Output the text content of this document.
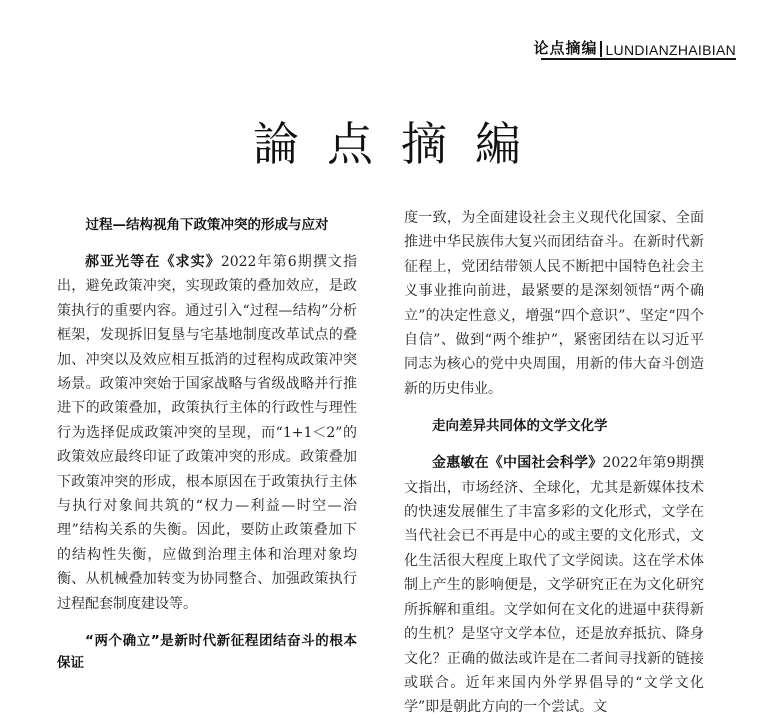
论点摘编 LUNDIANZHAIBIAN
論点摘編
过程—结构视角下政策冲突的形成与应对

郝亚光等在《求实》2022年第6期撰文指出，避免政策冲突，实现政策的叠加效应，是政策执行的重要内容。通过引入“过程—结构”分析框架，发现拆旧复垦与宅基地制度改革试点的叠加、冲突以及效应相互抵消的过程构成政策冲突场景。政策冲突始于国家战略与省级战略并行推进下的政策叠加，政策执行主体的行政性与理性行为选择促成政策冲突的呈现，而“1+1＜2”的政策效应最终印证了政策冲突的形成。政策叠加下政策冲突的形成，根本原因在于政策执行主体与执行对象间共筑的“权力—利益—时空—治理”结构关系的失衡。因此，要防止政策叠加下的结构性失衡，应做到治理主体和治理对象均衡、从机械叠加转变为协同整合、加强政策执行过程配套制度建设等。

“两个确立”是新时代新征程团结奋斗的根本保证
度一致，为全面建设社会主义现代化国家、全面推进中华民族伟大复兴而团结奋斗。在新时代新征程上，党团结带领人民不断把中国特色社会主义事业推向前进，最紧要的是深刻领悟“两个确立”的决定性意义，增强“四个意识”、坚定“四个自信”、做到“两个维护”，紧密团结在以习近平同志为核心的党中央周围，用新的伟大奋斗创造新的历史伟业。
走向差异共同体的文学文化学

金惠敏在《中国社会科学》2022年第9期撰文指出，市场经济、全球化，尤其是新媒体技术的快速发展催生了丰富多彩的文化形式，文学在当代社会已不再是中心的或主要的文化形式，文化生活很大程度上取代了文学阅读。这在学术体制上产生的影响便是，文学研究正在为文化研究所拆解和重组。文学如何在文化的进逼中获得新的生机？是坚守文学本位，还是放弃抵抗、降身文化？正确的做法或许是在二者间寻找新的链接或联合。近年来国内外学界倡导的“文学文化学”即是朝此方向的一个尝试。文
